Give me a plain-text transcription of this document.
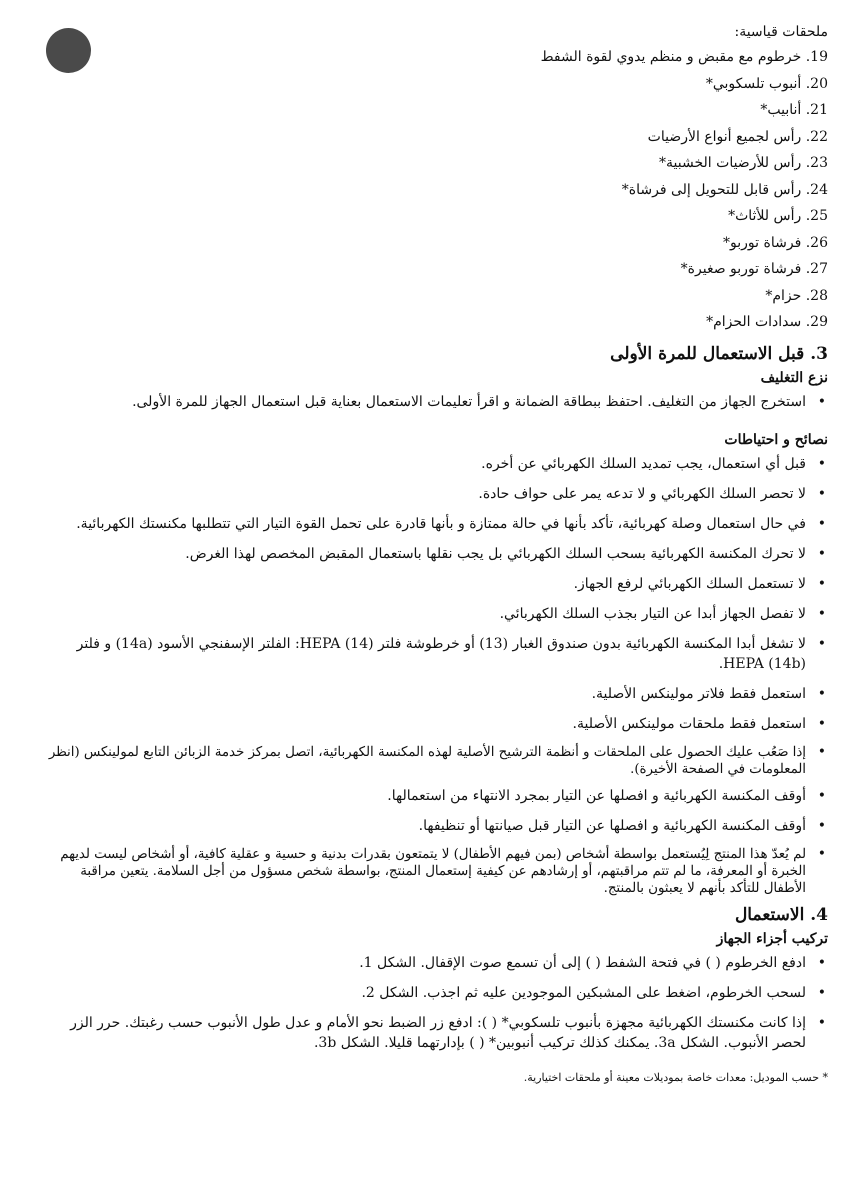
ملحقات قياسية:
19. خرطوم مع مقبض و منظم يدوي لقوة الشفط
20. أنبوب تلسكوبي*
21. أنابيب*
22. رأس لجميع أنواع الأرضيات
23. رأس للأرضيات الخشبية*
24. رأس قابل للتحويل إلى فرشاة*
25. رأس للأثاث*
26. فرشاة توربو*
27. فرشاة توربو صغيرة*
28. حزام*
29. سدادات الحزام*
3. قبل الاستعمال للمرة الأولى
نزع التغليف
• استخرج الجهاز من التغليف. احتفظ ببطاقة الضمانة و اقرأ تعليمات الاستعمال بعناية قبل استعمال الجهاز للمرة الأولى.
نصائح و احتياطات
• قبل أي استعمال، يجب تمديد السلك الكهربائي عن أخره.
• لا تحصر السلك الكهربائي و لا تدعه يمر على حواف حادة.
• في حال استعمال وصلة كهربائية، تأكد بأنها في حالة ممتازة و بأنها قادرة على تحمل القوة التيار التي تتطلبها مكنستك الكهربائية.
• لا تحرك المكنسة الكهربائية بسحب السلك الكهربائي بل يجب نقلها باستعمال المقبض المخصص لهذا الغرض.
• لا تستعمل السلك الكهربائي لرفع الجهاز.
• لا تفصل الجهاز أبدا عن التيار بجذب السلك الكهربائي.
• لا تشغل أبدا المكنسة الكهربائية بدون صندوق الغبار (13) أو خرطوشة فلتر HEPA (14): الفلتر الإسفنجي الأسود (14a) و فلتر HEPA (14b).
• استعمل فقط فلاتر مولينكس الأصلية.
• استعمل فقط ملحقات مولينكس الأصلية.
• إذا صَعُب عليك الحصول على الملحقات و أنظمة الترشيح الأصلية لهذه المكنسة الكهربائية، اتصل بمركز خدمة الزبائن التابع لمولينكس (انظر المعلومات في الصفحة الأخيرة).
• أوقف المكنسة الكهربائية و افصلها عن التيار بمجرد الانتهاء من استعمالها.
• أوقف المكنسة الكهربائية و افصلها عن التيار قبل صيانتها أو تنظيفها.
• لم يُعدّ هذا المنتج لِيُستعمل بواسطة أشخاص (بمن فيهم الأطفال) لا يتمتعون بقدرات بدنية و حسية و عقلية كافية، أو أشخاص ليست لديهم الخبرة أو المعرفة، ما لم تتم مراقبتهم، أو إرشادهم عن كيفية إستعمال المنتج، بواسطة شخص مسؤول من أجل السلامة. يتعين مراقبة الأطفال للتأكد بأنهم لا يعبثون بالمنتج.
4. الاستعمال
تركيب أجزاء الجهاز
• ادفع الخرطوم ( ) في فتحة الشفط ( ) إلى أن تسمع صوت الإقفال. الشكل 1.
• لسحب الخرطوم، اضغط على المشبكين الموجودين عليه ثم اجذب. الشكل 2.
• إذا كانت مكنستك الكهربائية مجهزة بأنبوب تلسكوبي* ( ): ادفع زر الضبط نحو الأمام و عدل طول الأنبوب حسب رغبتك. حرر الزر لحصر الأنبوب. الشكل 3a. يمكنك كذلك تركيب أنبوبين* ( ) بإدارتهما قليلا. الشكل 3b.
* حسب الموديل: معدات خاصة بموديلات معينة أو ملحقات اختيارية.
